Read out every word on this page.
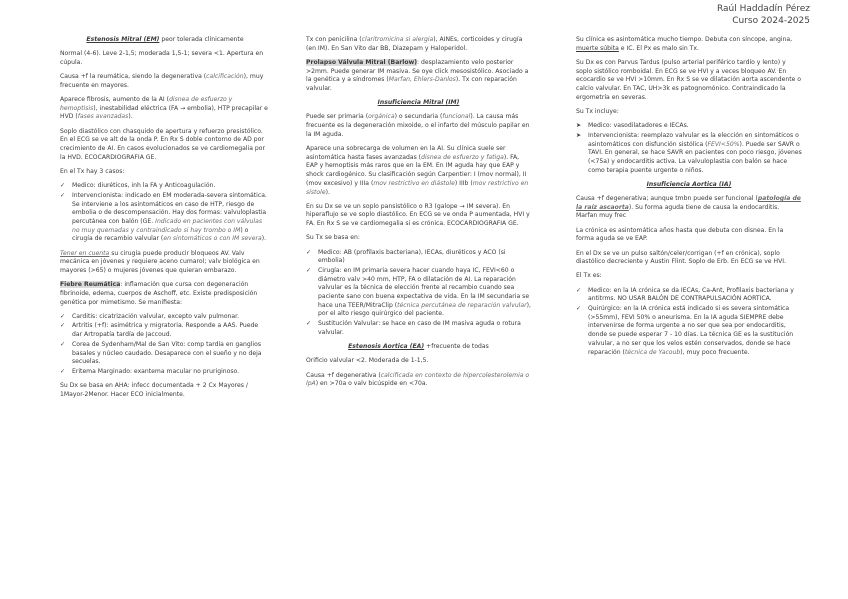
Raúl Haddadín Pérez
Curso 2024-2025

Estenosis Mitral (EM) peor tolerada clínicamente

Normal (4-6). Leve 2-1,5; moderada 1,5-1; severa <1. Apertura en cúpula.

Causa +f la reumática, siendo la degenerativa (calcificación), muy frecuente en mayores.

Aparece fibrosis, aumento de la AI (disnea de esfuerzo y hemoptisis), inestabilidad eléctrica (FA → embolia), HTP precapilar e HVD (fases avanzadas).

Soplo diastólico con chasquido de apertura y refuerzo presistólico. En el ECG se ve alt de la onda P. En Rx S doble contorno de AD por crecimiento de AI. En casos evolucionados se ve cardiomegalia por la HVD. ECOCARDIOGRAFIA GE.

En el Tx hay 3 casos:

✓ Medico: diuréticos, inh la FA y Anticoagulación.
✓ Intervencionista: indicado en EM moderada-severa sintomática. Se interviene a los asintomáticos en caso de HTP, riesgo de embolia o de descompensación. Hay dos formas: valvuloplastia percutánea con balón (GE. Indicado en pacientes con válvulas no muy quemadas y contraindicado si hay trombo o IM) o cirugía de recambio valvular (en sintomáticos o con IM severa).

Tener en cuenta su cirugía puede producir bloqueos AV. Valv mecánica en jóvenes y requiere aceno cumarol; valv biológica en mayores (>65) o mujeres jóvenes que quieran embarazo.

Fiebre Reumática: inflamación que cursa con degeneración fibrinoide, edema, cuerpos de Aschoff, etc. Existe predisposición genética por mimetismo. Se manifiesta:

✓ Carditis: cicatrización valvular, excepto valv pulmonar.
✓ Artritis (+f): asimétrica y migratoria. Responde a AAS. Puede dar Artropatía tardía de Jaccoud.
✓ Corea de Sydenham/Mal de San Vito: comp tardía en ganglios basales y núcleo caudado. Desaparece con el sueño y no deja secuelas.
✓ Eritema Marginado: exantema macular no pruriginoso.

Su Dx se basa en AHA: infecc documentada + 2 Cx Mayores / 1Mayor-2Menor. Hacer ECO inicialmente.

Tx con penicilina (claritromicina si alergia), AINEs, corticoides y cirugía (en IM). En San Vito dar BB, Diazepam y Haloperidol.

Prolapso Válvula Mitral (Barlow): desplazamiento velo posterior >2mm. Puede generar IM masiva. Se oye click mesosistólico. Asociado a la genética y a síndromes (Marfan, Ehlers-Danlos). Tx con reparación valvular.

Insuficiencia Mitral (IM)

Puede ser primaria (orgánica) o secundaria (funcional). La causa más frecuente es la degeneración mixoide, o el infarto del músculo papilar en la IM aguda.

Aparece una sobrecarga de volumen en la AI. Su clínica suele ser asintomática hasta fases avanzadas (disnea de esfuerzo y fatiga). FA, EAP y hemoptisis más raros que en la EM. En IM aguda hay que EAP y shock cardiogénico. Su clasificación según Carpentier: I (mov normal), II (mov excesivo) y IIIa (mov restrictivo en diástole) IIIb (mov restrictivo en sístole).

En su Dx se ve un soplo pansistólico o R3 (galope → IM severa). En hiperaflujo se ve soplo diastólico. En ECG se ve onda P aumentada, HVI y FA. En Rx S se ve cardiomegalia si es crónica. ECOCARDIOGRAFIA GE.

Su Tx se basa en:

✓ Medico: AB (profilaxis bacteriana), IECAs, diuréticos y ACO (si embolia)
✓ Cirugía: en IM primaria severa hacer cuando haya IC, FEVI<60 o diámetro valv >40 mm, HTP, FA o dilatación de AI. La reparación valvular es la técnica de elección frente al recambio cuando sea paciente sano con buena expectativa de vida. En la IM secundaria se hace una TEER/MitraClip (técnica percutánea de reparación valvular), por el alto riesgo quirúrgico del paciente.
✓ Sustitución Valvular: se hace en caso de IM masiva aguda o rotura valvular.

Estenosis Aortica (EA) +frecuente de todas

Orificio valvular <2. Moderada de 1-1,5.

Causa +f degenerativa (calcificada en contexto de hipercolesterolemia o lpA) en >70a o valv bicúspide en <70a.

Su clínica es asintomática mucho tiempo. Debuta con síncope, angina, muerte súbita e IC. El Px es malo sin Tx.

Su Dx es con Parvus Tardus (pulso arterial periférico tardío y lento) y soplo sistólico romboidal. En ECG se ve HVI y a veces bloqueo AV. En ecocardio se ve HVI >10mm. En Rx S se ve dilatación aorta ascendente o calcio valvular. En TAC, UH>3k es patognomónico. Contraindicado la ergometría en severas.

Su Tx incluye:

➤ Medico: vasodilatadores e IECAs.
➤ Intervencionista: reemplazo valvular es la elección en sintomáticos o asintomáticos con disfunción sistólica (FEVI<50%). Puede ser SAVR o TAVI. En general, se hace SAVR en pacientes con poco riesgo, jóvenes (<75a) y endocarditis activa. La valvuloplastia con balón se hace como terapia puente urgente o niños.

Insuficiencia Aortica (IA)

Causa +f degenerativa; aunque tmbn puede ser funcional (patología de la raíz ascaorta). Su forma aguda tiene de causa la endocarditis. Marfan muy frec

La crónica es asintomática años hasta que debuta con disnea. En la forma aguda se ve EAP.

En el Dx se ve un pulso saltón/celer/corrigan (+f en crónica), soplo diastólico decreciente y Austin Flint. Soplo de Erb. En ECG se ve HVI.

El Tx es:

✓ Medico: en la IA crónica se da IECAs, Ca-Ant, Profilaxis bacteriana y antitrms. NO USAR BALÓN DE CONTRAPULSACIÓN AORTICA.
✓ Quirúrgico: en la IA crónica está indicado si es severa sintomática (>55mm), FEVI 50% o aneurisma. En la IA aguda SIEMPRE debe intervenirse de forma urgente a no ser que sea por endocarditis, donde se puede esperar 7 - 10 días. La técnica GE es la sustitución valvular, a no ser que los velos estén conservados, donde se hace reparación (técnica de Yacoub), muy poco frecuente.
